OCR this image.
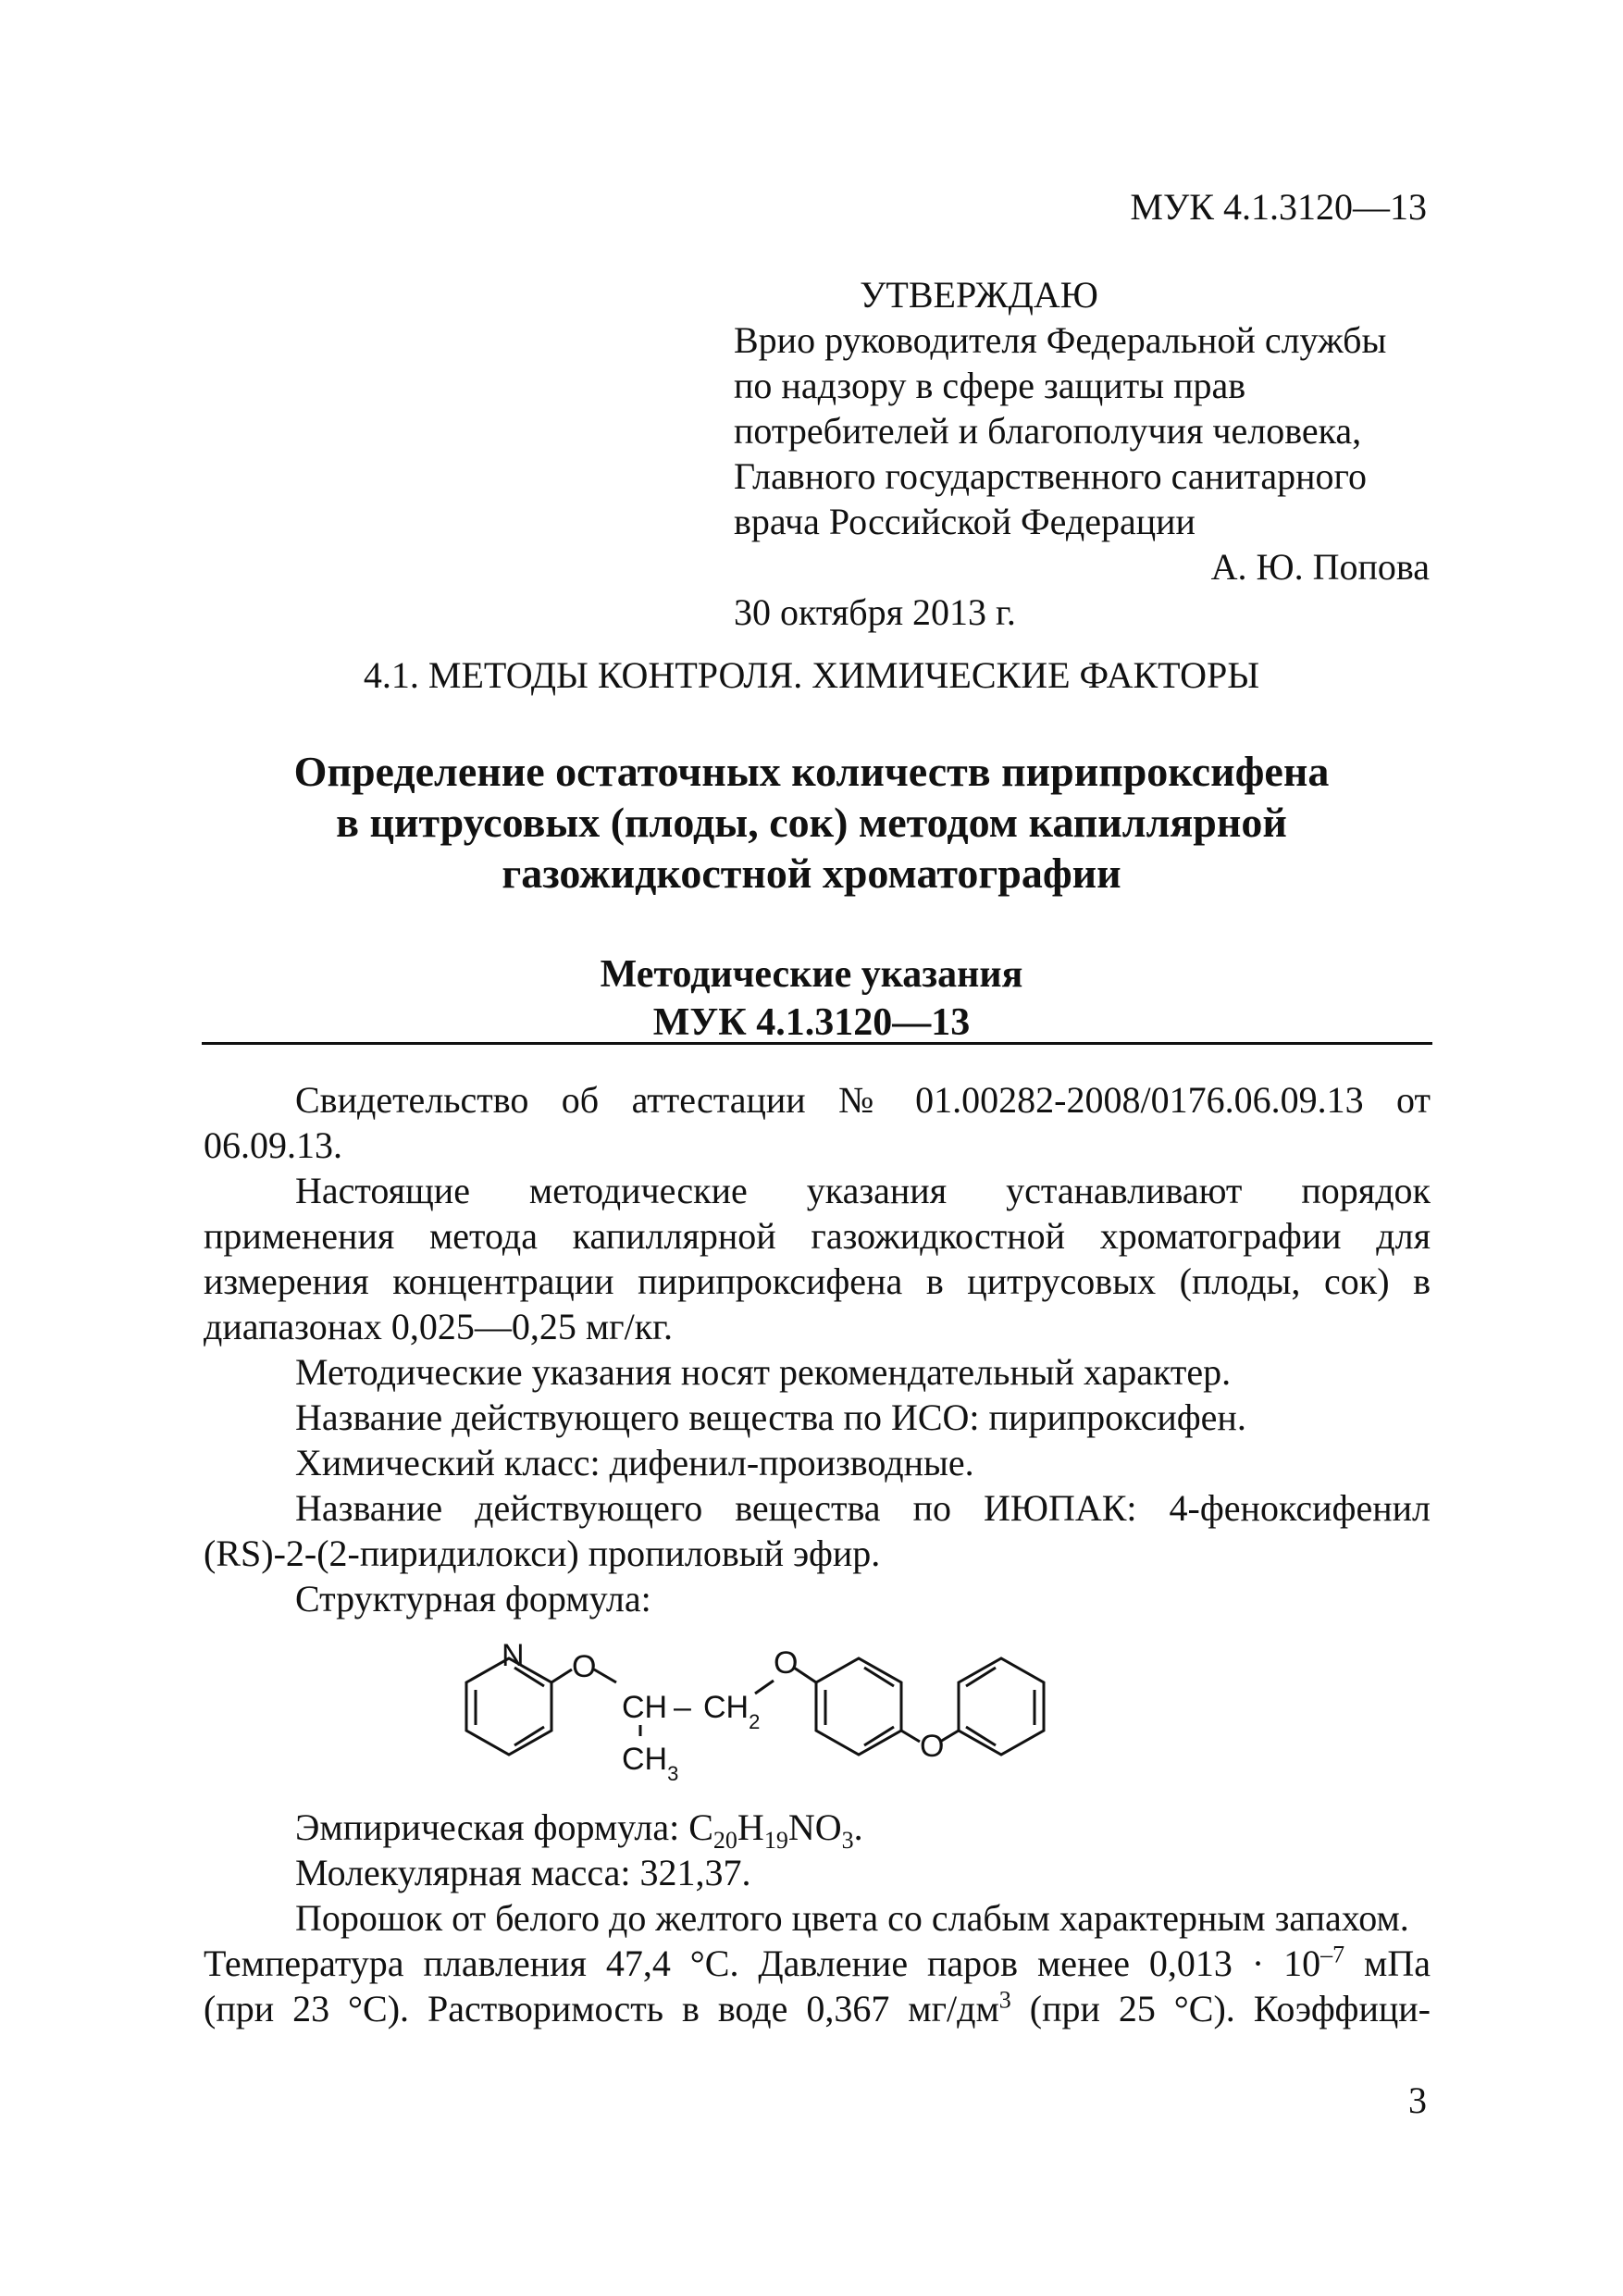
МУК 4.1.3120—13
УТВЕРЖДАЮ
Врио руководителя Федеральной службы
по надзору в сфере защиты прав
потребителей и благополучия человека,
Главного государственного санитарного
врача Российской Федерации
А. Ю. Попова
30 октября 2013 г.
4.1. МЕТОДЫ КОНТРОЛЯ. ХИМИЧЕСКИЕ ФАКТОРЫ
Определение остаточных количеств пирипроксифена
в цитрусовых (плоды, сок) методом капиллярной
газожидкостной хроматографии
Методические указания
МУК 4.1.3120—13

Свидетельство об аттестации № 01.00282-2008/0176.06.09.13 от 06.09.13.

Настоящие методические указания устанавливают порядок применения метода капиллярной газожидкостной хроматографии для измерения концентрации пирипроксифена в цитрусовых (плоды, сок) в диапазонах 0,025—0,25 мг/кг.

Методические указания носят рекомендательный характер.

Название действующего вещества по ИСО: пирипроксифен.

Химический класс: дифенил-производные.

Название действующего вещества по ИЮПАК: 4-феноксифенил (RS)-2-(2-пиридилокси) пропиловый эфир.

Структурная формула:

N O
CH – $CH_2$
$CH_3$
O
O

Эмпирическая формула: $C_{20}H_{19}NO_3$.

Молекулярная масса: 321,37.

Порошок от белого до желтого цвета со слабым характерным запахом.

Температура плавления 47,4 °С. Давление паров менее $0,013 \cdot 10^{-7}$ мПа

(при 23 °С). Растворимость в воде 0,367 $мг/дм^3$ (при 25 °С). Коэффици-

3
